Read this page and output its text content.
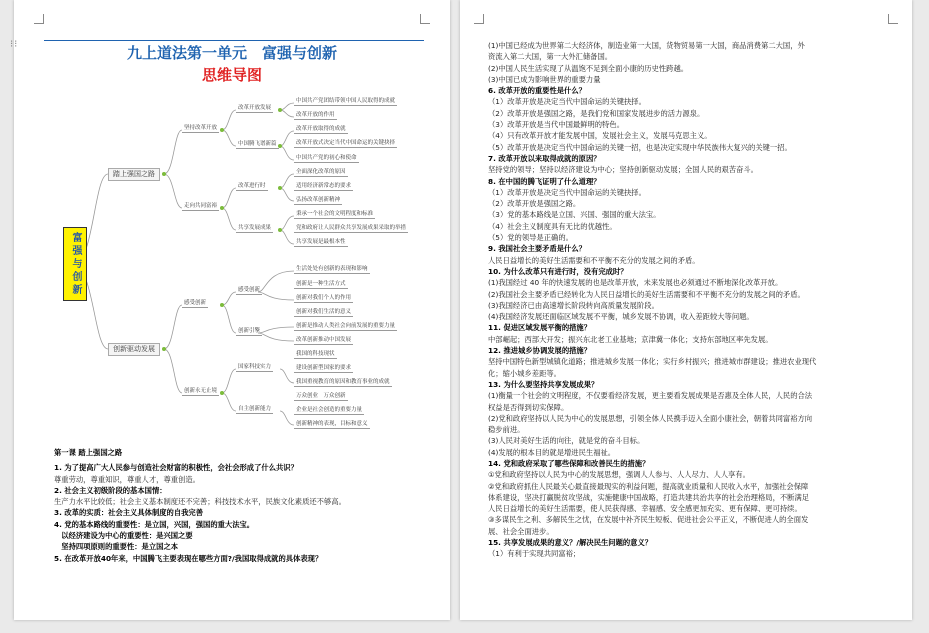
九上道法第一单元　富强与创新
思维导图
富强与创新
踏上强国之路
创新驱动发展
坚持改革开放
走向共同富裕
感受创新
创新永无止境
改革开放发展
中国腾飞谱新篇
改革进行时
共享发展成果
感受创新
创新引擎
国家科技实力
自主创新能力
中国共产党团结带领中国人民取得的成就
改革开放的作用
改革开放取得的成就
改革开放式决定当代中国命运的关键抉择
中国共产党的初心和使命
全面深化改革的原因
适用经济新常态的要求
弘扬改革创新精神
秉承一个社会的文明程度和标准
党和政府让人民群众共享发展成果采取的举措
共享发展是最根本性
生活处处有创新的表现和影响
创新是一种生活方式
创新对我们个人的作用
创新对我们生活的意义
创新是推动人类社会向前发展的重要力量
改革创新推动中国发展
我国的科技现状
建设创新型国家的要求
我国重视教育的原因和教育事业的成就
万众创业　万众创新
企业是社会创造的重要力量
创新精神的表现，目标和意义
第一课 踏上强国之路
1. 为了提高广大人民参与创造社会财富的积极性，会社会形成了什么共识？
尊重劳动，尊重知识，尊重人才，尊重创造。
2. 社会主义初级阶段的基本国情：
生产力水平比较低；社会主义基本制度还不完善；科技技术水平，民族文化素质还不够高。
3. 改革的实质：社会主义具体制度的自我完善
4. 党的基本路线的重要性：是立国，兴国，强国的重大法宝。
　以经济建设为中心的重要性：是兴国之要
　坚持四项原则的重要性：是立国之本
5. 在改革开放40年来，中国腾飞主要表现在哪些方面?/我国取得成就的具体表现？
(1)中国已经成为世界第二大经济体，制造业第一大国，货物贸易第一大国，商品消费第二大国，外
资流入第二大国，第一大外汇储备国。
(2)中国人民生活实现了从温饱不足到全面小康的历史性跨越。
(3)中国已成为影响世界的重要力量
6. 改革开放的重要性是什么？
（1）改革开放是决定当代中国命运的关键抉择。
（2）改革开放是强国之路，是我们党和国家发展进步的活力源泉。
（3）改革开放是当代中国最鲜明的特色。
（4）只有改革开放才能发展中国，发展社会主义，发展马克思主义。
（5）改革开放是决定当代中国命运的关键一招，也是决定实现中华民族伟大复兴的关键一招。
7. 改革开放以来取得成就的原因？
坚持党的领导；坚持以经济建设为中心；坚持创新驱动发展；全国人民的艰苦奋斗。
8. 在中国的腾飞证明了什么道理？
（1）改革开放是决定当代中国命运的关键抉择。
（2）改革开放是强国之路。
（3）党的基本路线是立国、兴国、强国的重大法宝。
（4）社会主义制度具有无比的优越性。
（5）党的领导是正确的。
9. 我国社会主要矛盾是什么？
人民日益增长的美好生活需要和不平衡不充分的发展之间的矛盾。
10. 为什么改革只有进行时，没有完成时？
(1)我国经过 40 年的快速发展的也是改革开放，未来发展也必须通过不断地深化改革开放。
(2)我国社会主要矛盾已经转化为人民日益增长的美好生活需要和不平衡不充分的发展之间的矛盾。
(3)我国经济已由高速增长阶段转向高质量发展阶段。
(4)我国经济发展还面临区域发展不平衡，城乡发展不协调，收入差距较大等问题。
11. 促进区域发展平衡的措施？
中部崛起；西部大开发；振兴东北老工业基地；京津冀一体化；支持东部地区率先发展。
12. 推进城乡协调发展的措施？
坚持中国特色新型城镇化道路；推进城乡发展一体化；实行乡村振兴；推进城市群建设；推进农业现代
化；缩小城乡差距等。
13. 为什么要坚持共享发展成果？
(1)衡量一个社会的文明程度，不仅要看经济发展，更主要看发展成果是否惠及全体人民，人民的合法
权益是否得到切实保障。
(2)党和政府坚持以人民为中心的发展思想，引领全体人民携手迈入全面小康社会，朝着共同富裕方向
稳步前进。
(3)人民对美好生活的向往，就是党的奋斗目标。
(4)发展的根本目的就是增进民生福祉。
14. 党和政府采取了哪些保障和改善民生的措施？
①党和政府坚持以人民为中心的发展思想，强调人人参与、人人尽力、人人享有。
②党和政府抓住人民最关心最直接最现实的利益问题，提高就业质量和人民收入水平，加强社会保障
体系建设，坚决打赢脱贫攻坚战，实施健康中国战略，打造共建共治共享的社会治理格局，不断满足
人民日益增长的美好生活需要，使人民获得感、幸福感、安全感更加充实、更有保障、更可持续。
③多谋民生之利、多解民生之忧，在发展中补齐民生短板、促进社会公平正义，不断促进人的全面发
展、社会全面进步。
15. 共享发展成果的意义？/解决民生问题的意义？
（1）有利于实现共同富裕；
⁝⁝
